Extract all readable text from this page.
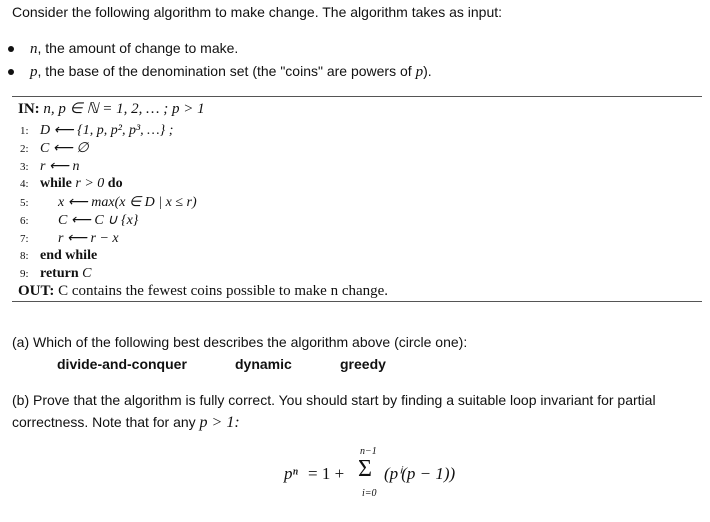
Consider the following algorithm to make change. The algorithm takes as input:
n, the amount of change to make.
p, the base of the denomination set (the "coins" are powers of p).
IN: n, p ∈ ℕ = 1, 2, … ; p > 1
1: D ⟵ {1, p, p², p³, …} ;
2: C ⟵ ∅
3: r ⟵ n
4: while r > 0 do
5: x ⟵ max(x ∈ D | x ≤ r)
6: C ⟵ C ∪ {x}
7: r ⟵ r − x
8: end while
9: return C
OUT: C contains the fewest coins possible to make n change.
(a) Which of the following best describes the algorithm above (circle one):
divide-and-conquer	dynamic	greedy
(b) Prove that the algorithm is fully correct. You should start by finding a suitable loop invariant for partial
correctness. Note that for any p > 1:
pⁿ = 1 +
n−1
Σ
i=0
(pⁱ(p − 1))
